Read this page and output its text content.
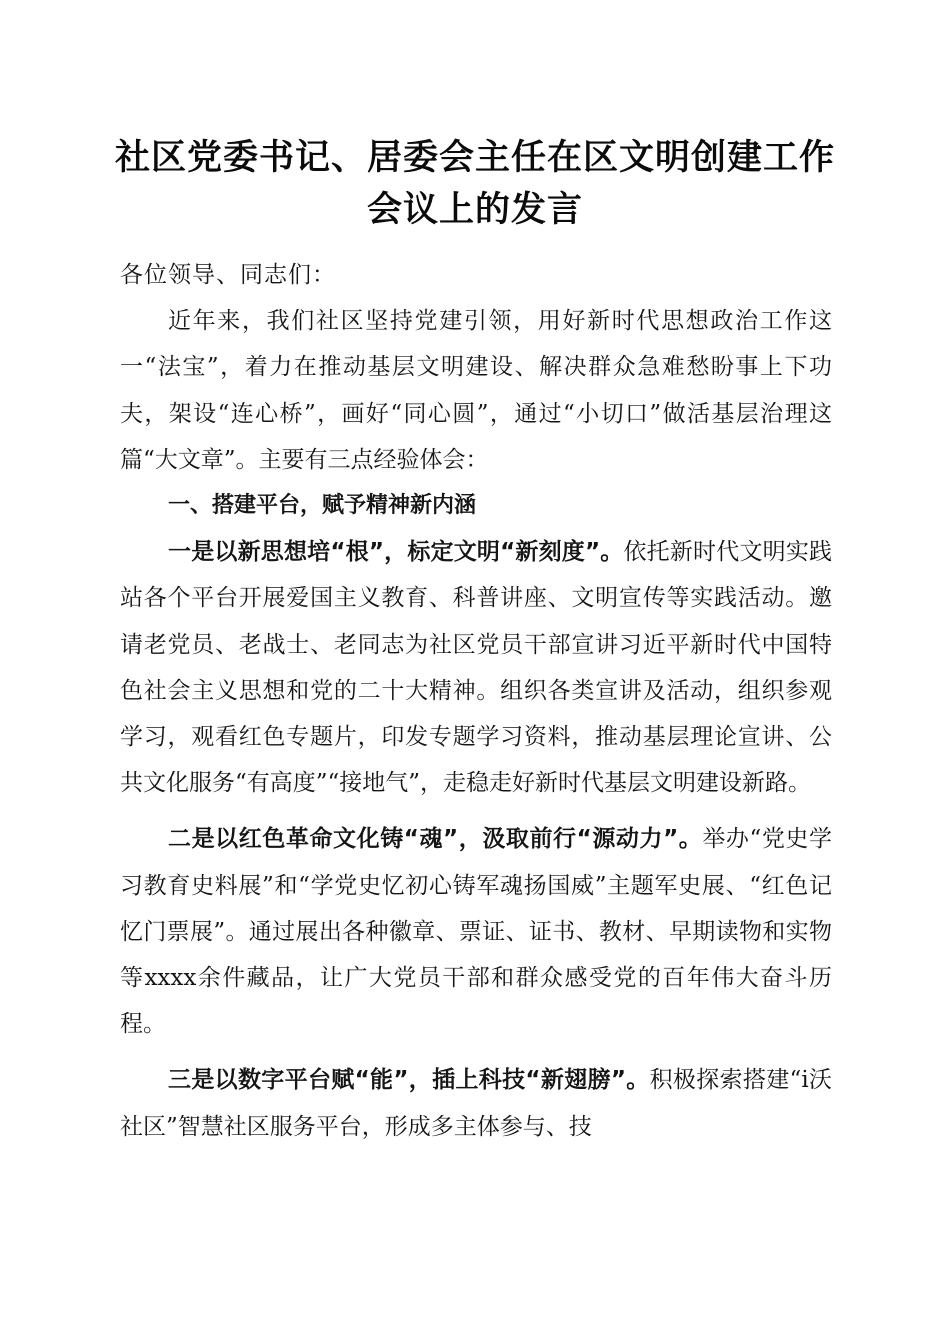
社区党委书记、居委会主任在区文明创建工作
会议上的发言

各位领导、同志们：

近年来，我们社区坚持党建引领，用好新时代思想政治工作这一“法宝”，着力在推动基层文明建设、解决群众急难愁盼事上下功夫，架设“连心桥”，画好“同心圆”，通过“小切口”做活基层治理这篇“大文章”。主要有三点经验体会：

一、搭建平台，赋予精神新内涵

一是以新思想培“根”，标定文明“新刻度”。依托新时代文明实践站各个平台开展爱国主义教育、科普讲座、文明宣传等实践活动。邀请老党员、老战士、老同志为社区党员干部宣讲习近平新时代中国特色社会主义思想和党的二十大精神。组织各类宣讲及活动，组织参观学习，观看红色专题片，印发专题学习资料，推动基层理论宣讲、公共文化服务“有高度”“接地气”，走稳走好新时代基层文明建设新路。

二是以红色革命文化铸“魂”，汲取前行“源动力”。举办“党史学习教育史料展”和“学党史忆初心铸军魂扬国威”主题军史展、“红色记忆门票展”。通过展出各种徽章、票证、证书、教材、早期读物和实物等xxxx余件藏品，让广大党员干部和群众感受党的百年伟大奋斗历程。

三是以数字平台赋“能”，插上科技“新翅膀”。积极探索搭建“i沃社区”智慧社区服务平台，形成多主体参与、技
